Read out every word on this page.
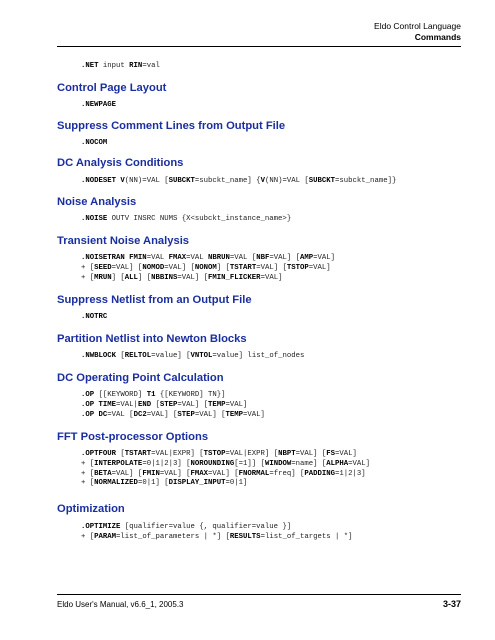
Eldo Control Language
Commands
.NET input RIN=val
Control Page Layout
.NEWPAGE
Suppress Comment Lines from Output File
.NOCOM
DC Analysis Conditions
.NODESET V(NN)=VAL [SUBCKT=subckt_name] {V(NN)=VAL [SUBCKT=subckt_name]}
Noise Analysis
.NOISE OUTV INSRC NUMS {X<subckt_instance_name>}
Transient Noise Analysis
.NOISETRAN FMIN=VAL FMAX=VAL NBRUN=VAL [NBF=VAL] [AMP=VAL]
+ [SEED=VAL] [NOMOD=VAL] [NONOM] [TSTART=VAL] [TSTOP=VAL]
+ [MRUN] [ALL] [NBBINS=VAL] [FMIN_FLICKER=VAL]
Suppress Netlist from an Output File
.NOTRC
Partition Netlist into Newton Blocks
.NWBLOCK [RELTOL=value] [VNTOL=value] list_of_nodes
DC Operating Point Calculation
.OP [[KEYWORD] T1 {[KEYWORD] TN}]
.OP TIME=VAL|END [STEP=VAL] [TEMP=VAL]
.OP DC=VAL [DC2=VAL] [STEP=VAL] [TEMP=VAL]
FFT Post-processor Options
.OPTFOUR [TSTART=VAL|EXPR] [TSTOP=VAL|EXPR] [NBPT=VAL] [FS=VAL]
+ [INTERPOLATE=0|1|2|3] [NOROUNDING[=1]] [WINDOW=name] [ALPHA=VAL]
+ [BETA=VAL] [FMIN=VAL] [FMAX=VAL] [FNORMAL=freq] [PADDING=1|2|3]
+ [NORMALIZED=0|1] [DISPLAY_INPUT=0|1]
Optimization
.OPTIMIZE [qualifier=value {, qualifier=value }]
+ [PARAM=list_of_parameters | *] [RESULTS=list_of_targets | *]
Eldo User's Manual, v6.6_1, 2005.3	3-37
